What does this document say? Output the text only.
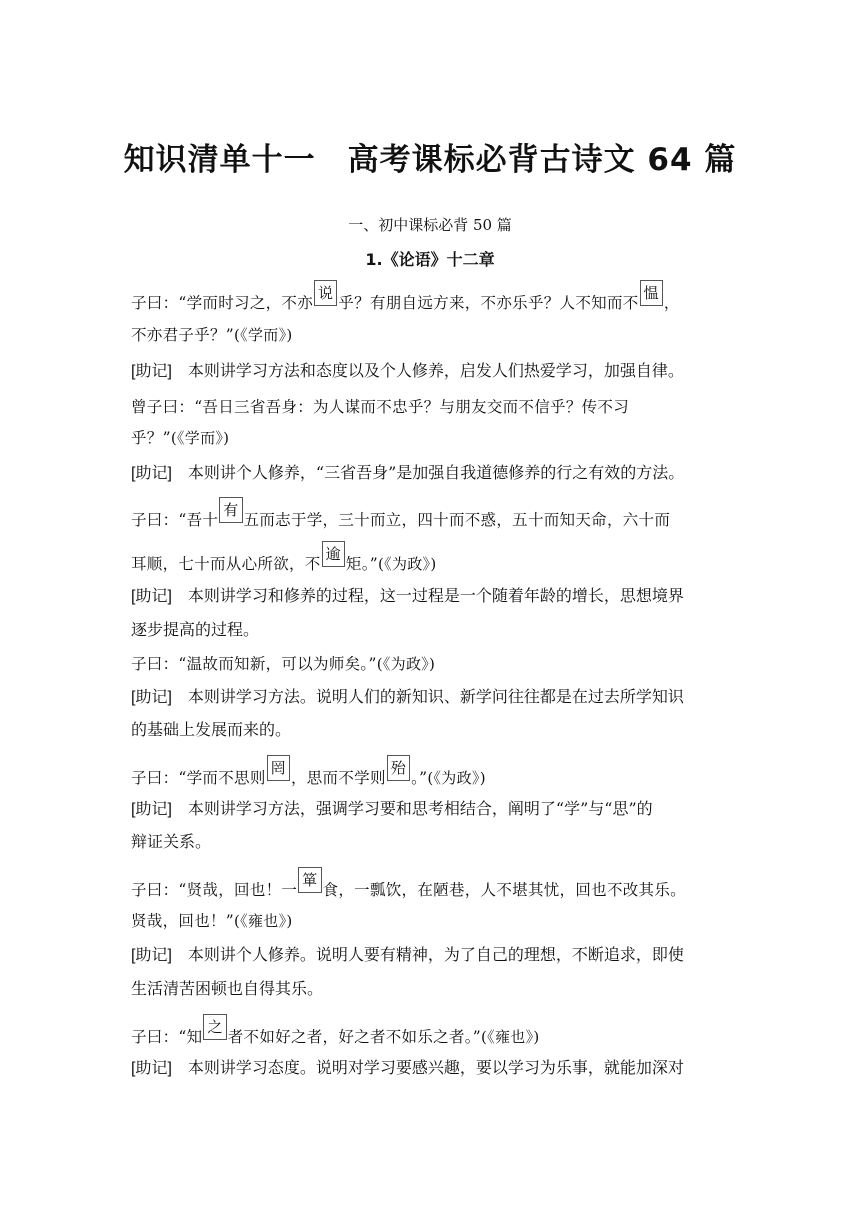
知识清单十一　高考课标必背古诗文 64 篇
一、初中课标必背 50 篇
1.《论语》十二章
子曰：“学而时习之，不亦说乎？有朋自远方来，不亦乐乎？人不知而不愠，
不亦君子乎？”(《学而》)
[助记] 本则讲学习方法和态度以及个人修养，启发人们热爱学习，加强自律。
曾子曰：“吾日三省吾身：为人谋而不忠乎？与朋友交而不信乎？传不习
乎？”(《学而》)
[助记] 本则讲个人修养，“三省吾身”是加强自我道德修养的行之有效的方法。
子曰：“吾十有五而志于学，三十而立，四十而不惑，五十而知天命，六十而
耳顺，七十而从心所欲，不逾矩。”(《为政》)
[助记] 本则讲学习和修养的过程，这一过程是一个随着年龄的增长，思想境界
逐步提高的过程。
子曰：“温故而知新，可以为师矣。”(《为政》)
[助记] 本则讲学习方法。说明人们的新知识、新学问往往都是在过去所学知识
的基础上发展而来的。
子曰：“学而不思则罔，思而不学则殆。”(《为政》)
[助记] 本则讲学习方法，强调学习要和思考相结合，阐明了“学”与“思”的
辩证关系。
子曰：“贤哉，回也！一箪食，一瓢饮，在陋巷，人不堪其忧，回也不改其乐。
贤哉，回也！”(《雍也》)
[助记] 本则讲个人修养。说明人要有精神，为了自己的理想，不断追求，即使
生活清苦困顿也自得其乐。
子曰：“知之者不如好之者，好之者不如乐之者。”(《雍也》)
[助记] 本则讲学习态度。说明对学习要感兴趣，要以学习为乐事，就能加深对
